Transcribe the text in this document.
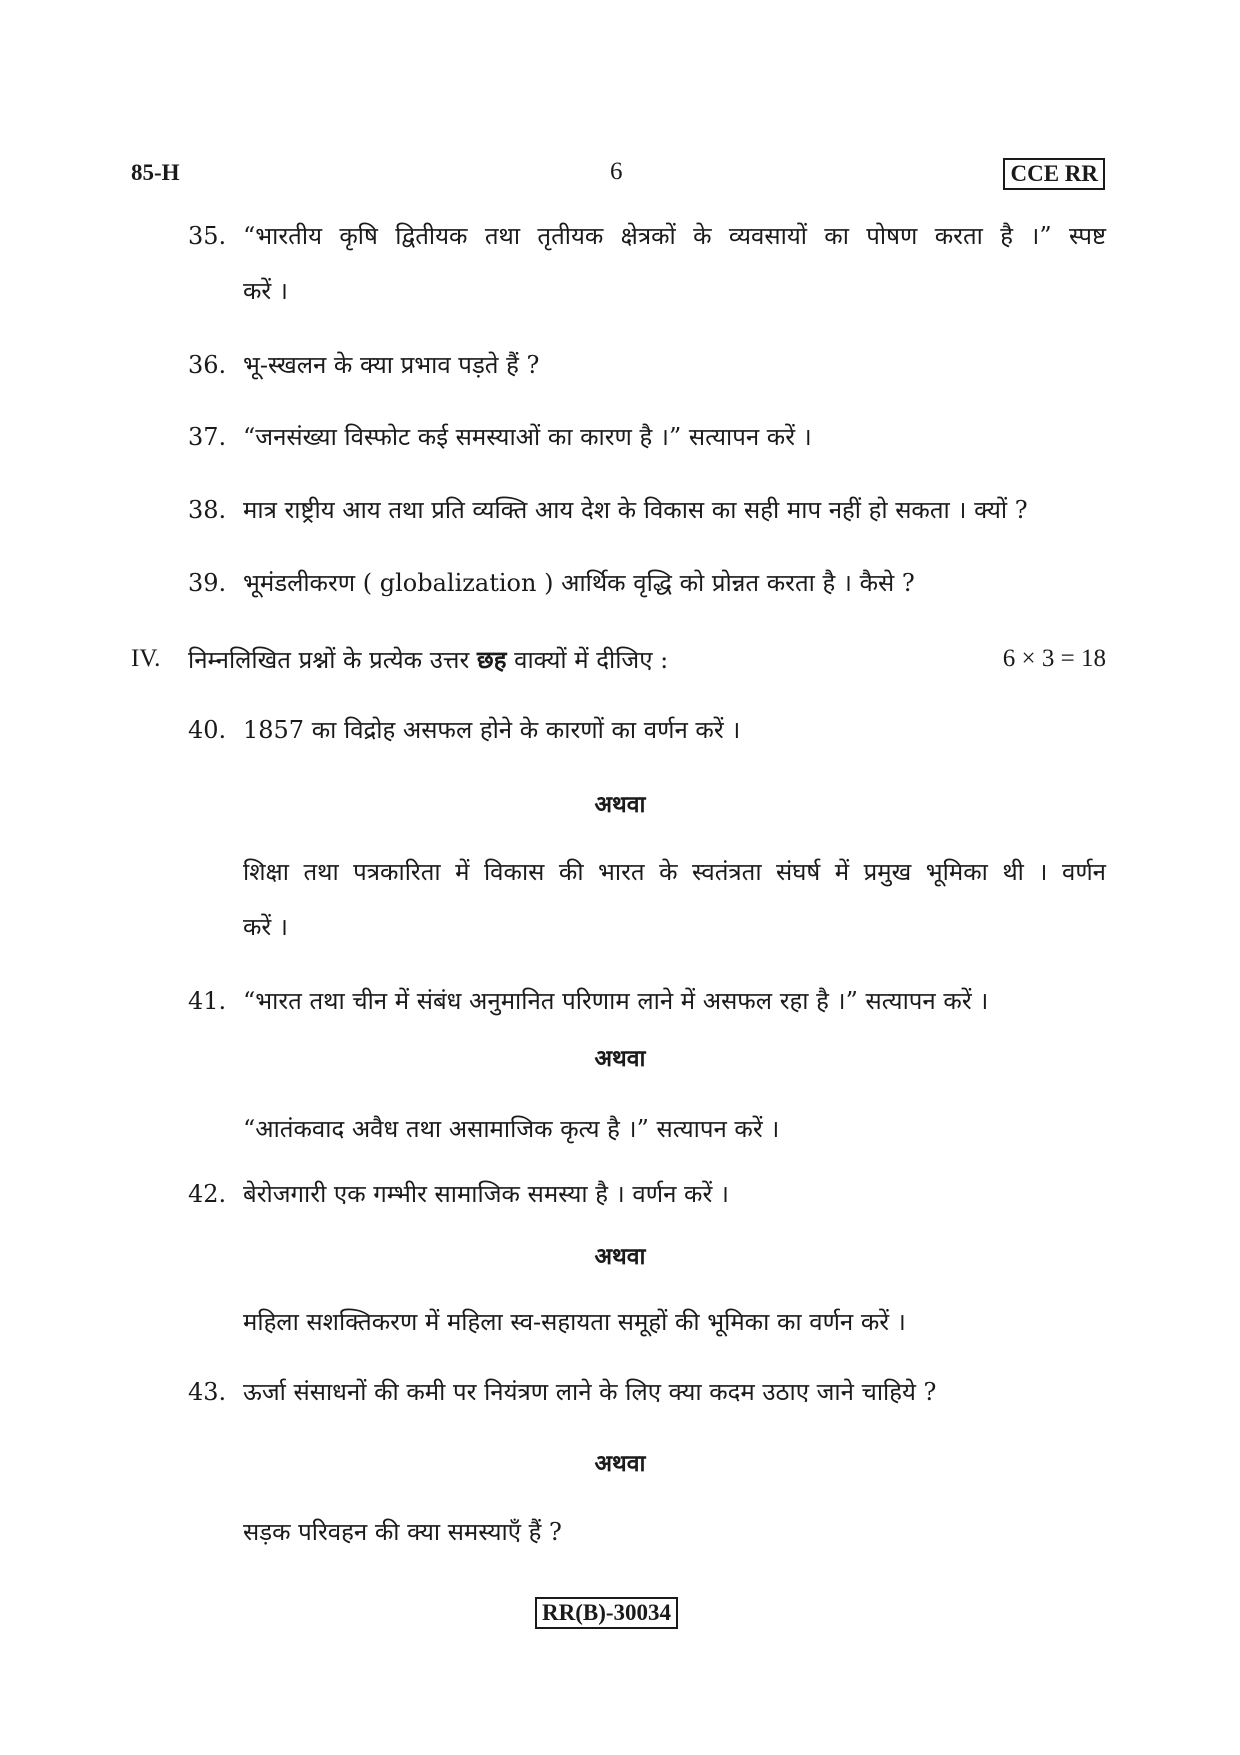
85-H	6	CCE RR
35. “भारतीय कृषि द्वितीयक तथा तृतीयक क्षेत्रकों के व्यवसायों का पोषण करता है ।” स्पष्ट
करें ।
36. भू-स्खलन के क्या प्रभाव पड़ते हैं ?
37. “जनसंख्या विस्फोट कई समस्याओं का कारण है ।” सत्यापन करें ।
38. मात्र राष्ट्रीय आय तथा प्रति व्यक्ति आय देश के विकास का सही माप नहीं हो सकता । क्यों ?
39. भूमंडलीकरण ( globalization ) आर्थिक वृद्धि को प्रोन्नत करता है । कैसे ?
IV. निम्नलिखित प्रश्नों के प्रत्येक उत्तर छह वाक्यों में दीजिए :	6 × 3 = 18
40. 1857 का विद्रोह असफल होने के कारणों का वर्णन करें ।
अथवा
शिक्षा तथा पत्रकारिता में विकास की भारत के स्वतंत्रता संघर्ष में प्रमुख भूमिका थी । वर्णन
करें ।
41. “भारत तथा चीन में संबंध अनुमानित परिणाम लाने में असफल रहा है ।” सत्यापन करें ।
अथवा
“आतंकवाद अवैध तथा असामाजिक कृत्य है ।” सत्यापन करें ।
42. बेरोजगारी एक गम्भीर सामाजिक समस्या है । वर्णन करें ।
अथवा
महिला सशक्तिकरण में महिला स्व-सहायता समूहों की भूमिका का वर्णन करें ।
43. ऊर्जा संसाधनों की कमी पर नियंत्रण लाने के लिए क्या कदम उठाए जाने चाहिये ?
अथवा
सड़क परिवहन की क्या समस्याएँ हैं ?
RR(B)-30034
